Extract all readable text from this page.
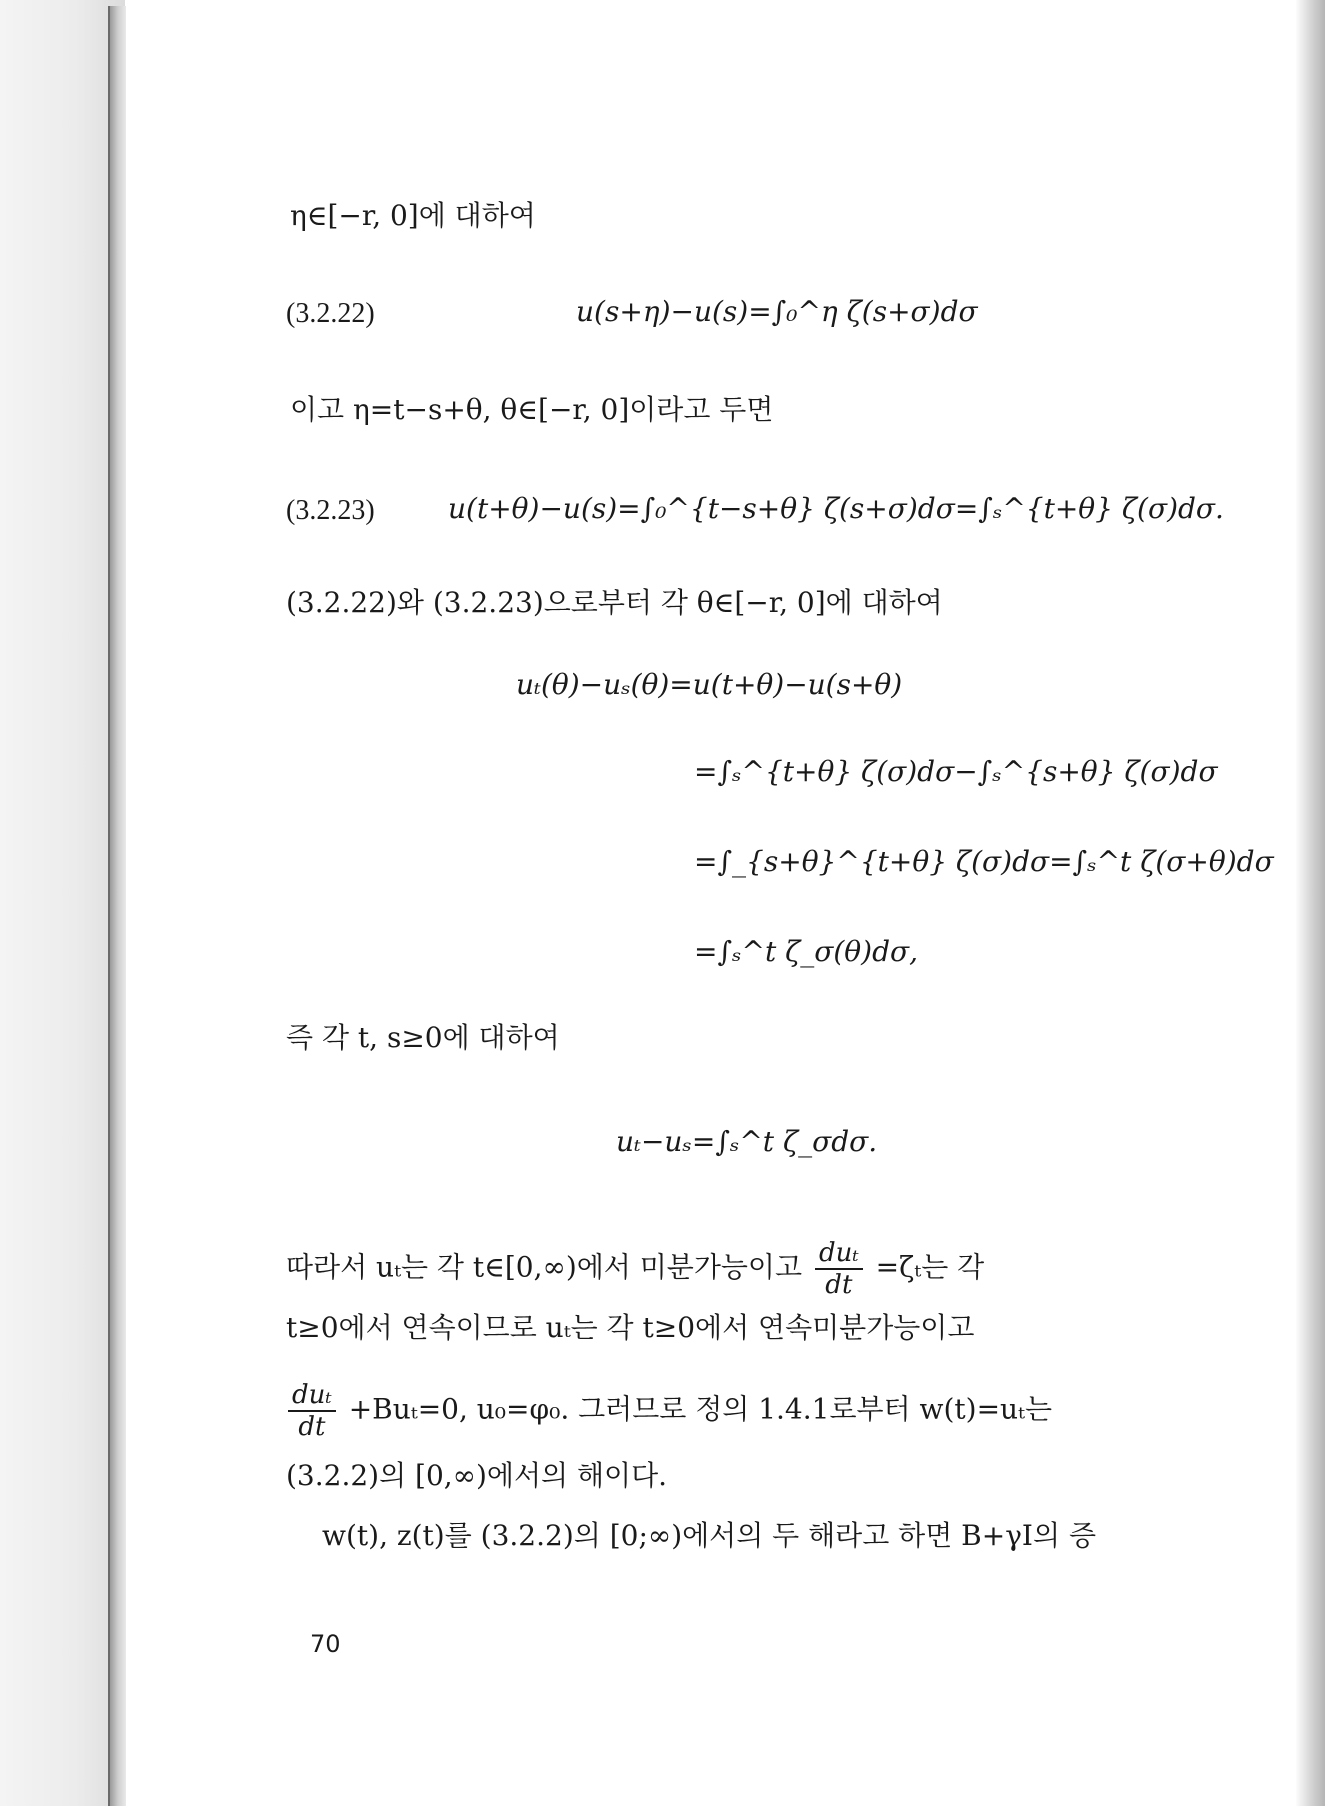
η∈[−r, 0]에 대하여
(3.2.22)	u(s+η)−u(s)=∫₀^η ζ(s+σ)dσ
이고 η=t−s+θ, θ∈[−r, 0]이라고 두면
(3.2.23)	u(t+θ)−u(s)=∫₀^{t−s+θ} ζ(s+σ)dσ=∫ₛ^{t+θ} ζ(σ)dσ.
(3.2.22)와 (3.2.23)으로부터 각 θ∈[−r, 0]에 대하여
uₜ(θ)−uₛ(θ)=u(t+θ)−u(s+θ)
=∫ₛ^{t+θ} ζ(σ)dσ−∫ₛ^{s+θ} ζ(σ)dσ
=∫_{s+θ}^{t+θ} ζ(σ)dσ=∫ₛ^t ζ(σ+θ)dσ
=∫ₛ^t ζ_σ(θ)dσ,
즉 각 t, s≥0에 대하여
uₜ−uₛ=∫ₛ^t ζ_σdσ.
따라서 uₜ는 각 t∈[0,∞)에서 미분가능이고 $\frac{\text{duₜ}}{dt} =\zeta_t$는 각
t≥0에서 연속이므로 uₜ는 각 t≥0에서 연속미분가능이고
$\frac{\text{duₜ}}{dt} +Bu_t=0$, u₀=φ₀. 그러므로 정의 1.4.1로부터 w(t)=uₜ는
(3.2.2)의 [0,∞)에서의 해이다.
w(t), z(t)를 (3.2.2)의 [0;∞)에서의 두 해라고 하면 B+γI의 증
70
